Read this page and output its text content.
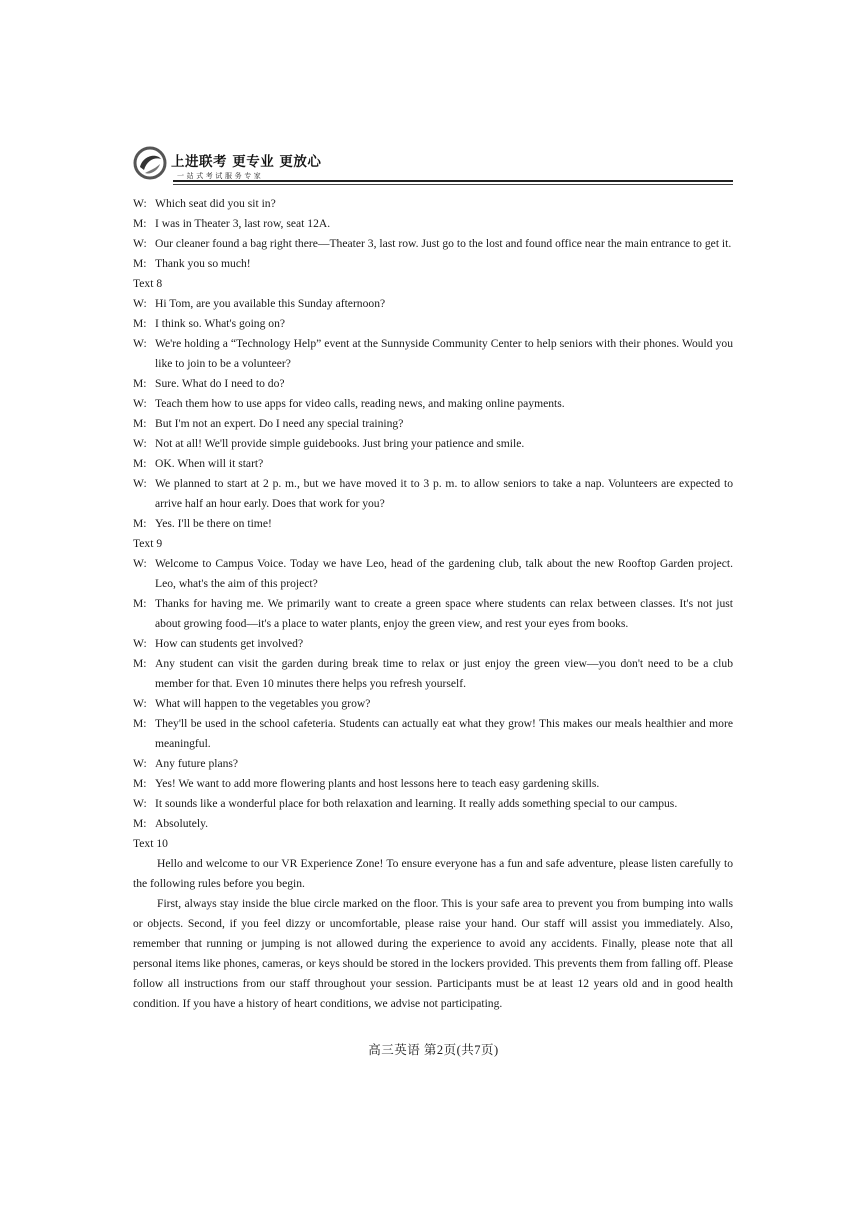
上进联考 更专业 更放心
一站式考试服务专家
W: Which seat did you sit in?
M: I was in Theater 3, last row, seat 12A.
W: Our cleaner found a bag right there—Theater 3, last row. Just go to the lost and found office near the main entrance to get it.
M: Thank you so much!
Text 8
W: Hi Tom, are you available this Sunday afternoon?
M: I think so. What's going on?
W: We're holding a “Technology Help” event at the Sunnyside Community Center to help seniors with their phones. Would you like to join to be a volunteer?
M: Sure. What do I need to do?
W: Teach them how to use apps for video calls, reading news, and making online payments.
M: But I'm not an expert. Do I need any special training?
W: Not at all! We'll provide simple guidebooks. Just bring your patience and smile.
M: OK. When will it start?
W: We planned to start at 2 p. m., but we have moved it to 3 p. m. to allow seniors to take a nap. Volunteers are expected to arrive half an hour early. Does that work for you?
M: Yes. I'll be there on time!
Text 9
W: Welcome to Campus Voice. Today we have Leo, head of the gardening club, talk about the new Rooftop Garden project. Leo, what's the aim of this project?
M: Thanks for having me. We primarily want to create a green space where students can relax between classes. It's not just about growing food—it's a place to water plants, enjoy the green view, and rest your eyes from books.
W: How can students get involved?
M: Any student can visit the garden during break time to relax or just enjoy the green view—you don't need to be a club member for that. Even 10 minutes there helps you refresh yourself.
W: What will happen to the vegetables you grow?
M: They'll be used in the school cafeteria. Students can actually eat what they grow! This makes our meals healthier and more meaningful.
W: Any future plans?
M: Yes! We want to add more flowering plants and host lessons here to teach easy gardening skills.
W: It sounds like a wonderful place for both relaxation and learning. It really adds something special to our campus.
M: Absolutely.
Text 10
Hello and welcome to our VR Experience Zone! To ensure everyone has a fun and safe adventure, please listen carefully to the following rules before you begin.
First, always stay inside the blue circle marked on the floor. This is your safe area to prevent you from bumping into walls or objects. Second, if you feel dizzy or uncomfortable, please raise your hand. Our staff will assist you immediately. Also, remember that running or jumping is not allowed during the experience to avoid any accidents. Finally, please note that all personal items like phones, cameras, or keys should be stored in the lockers provided. This prevents them from falling off. Please follow all instructions from our staff throughout your session. Participants must be at least 12 years old and in good health condition. If you have a history of heart conditions, we advise not participating.
高三英语 第2页(共7页)
